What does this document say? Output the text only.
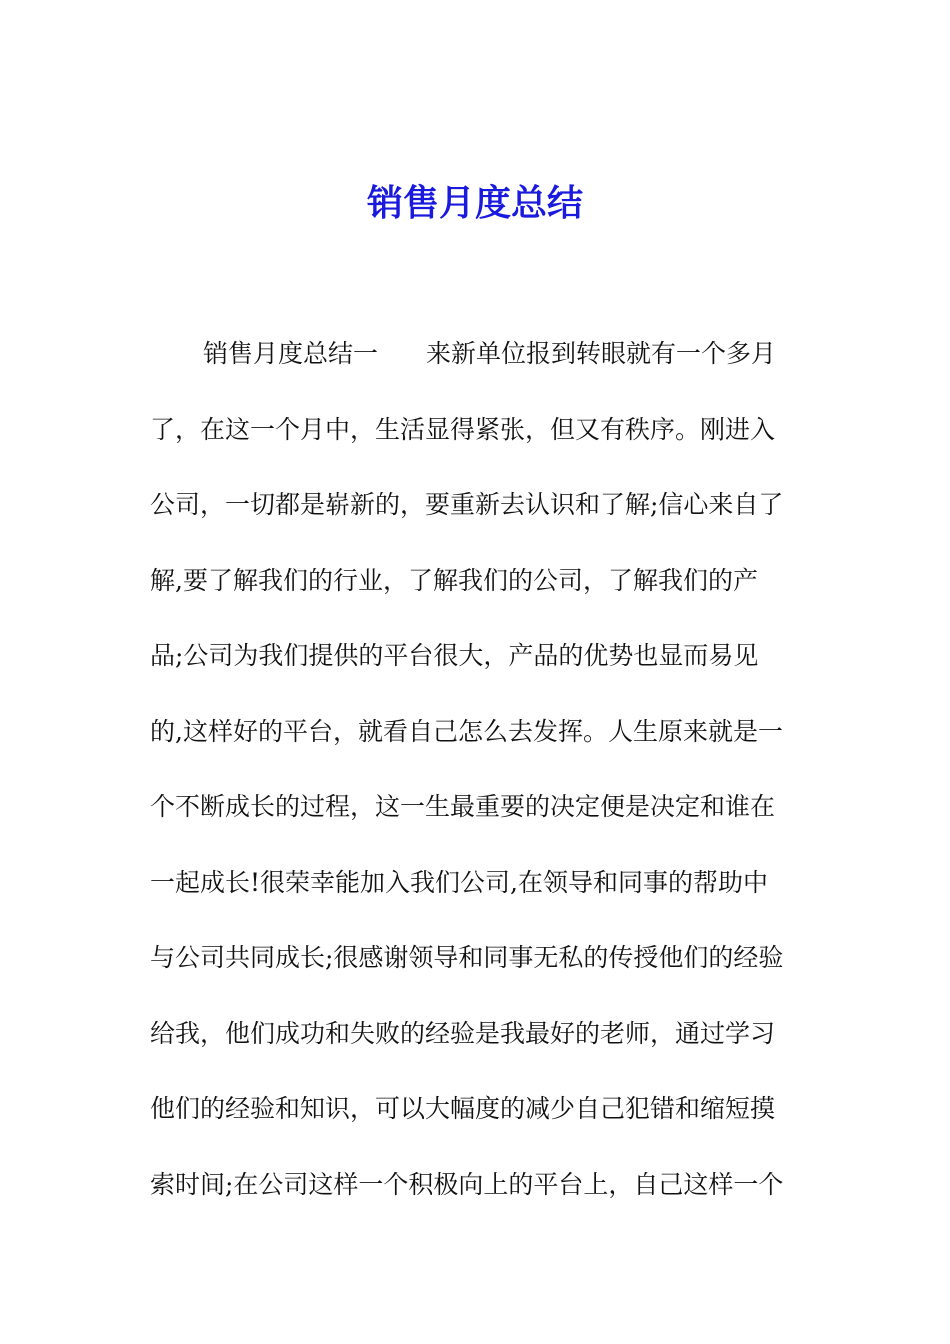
销售月度总结
销售月度总结一 来新单位报到转眼就有一个多月
了，在这一个月中，生活显得紧张，但又有秩序。刚进入
公司，一切都是崭新的，要重新去认识和了解;信心来自了
解,要了解我们的行业，了解我们的公司，了解我们的产
品;公司为我们提供的平台很大，产品的优势也显而易见
的,这样好的平台，就看自己怎么去发挥。人生原来就是一
个不断成长的过程，这一生最重要的决定便是决定和谁在
一起成长!很荣幸能加入我们公司,在领导和同事的帮助中
与公司共同成长;很感谢领导和同事无私的传授他们的经验
给我，他们成功和失败的经验是我最好的老师，通过学习
他们的经验和知识，可以大幅度的减少自己犯错和缩短摸
索时间;在公司这样一个积极向上的平台上，自己这样一个
